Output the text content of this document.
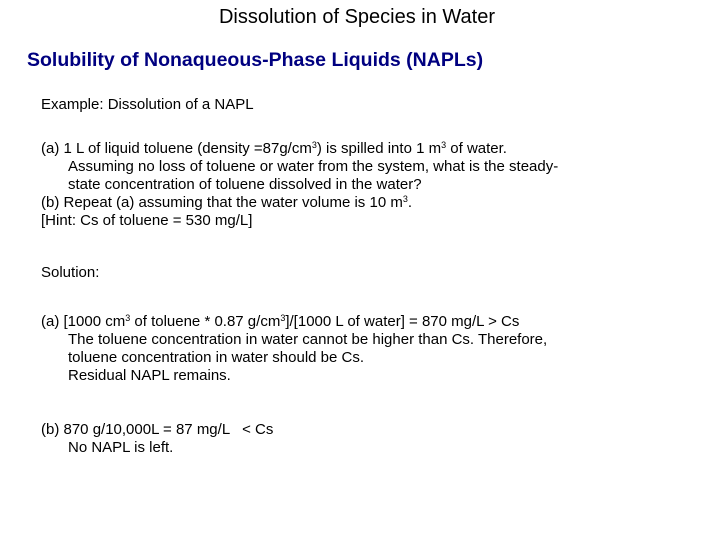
Dissolution of Species in Water
Solubility of Nonaqueous-Phase Liquids (NAPLs)
Example: Dissolution of a NAPL
(a) 1 L of liquid toluene (density $=87g/cm^3$) is spilled into 1 $m^3$ of water.
Assuming no loss of toluene or water from the system, what is the steady-
state concentration of toluene dissolved in the water?
(b) Repeat (a) assuming that the water volume is 10 $m^3$.
[Hint: Cs of toluene = 530 mg/L]
Solution:
(a) [1000 $cm^3$ of toluene * 0.87 $g/cm^3]/[1000$ L of water] = 870 mg/L > Cs
The toluene concentration in water cannot be higher than Cs. Therefore,
toluene concentration in water should be Cs.
Residual NAPL remains.
(b) 870 g/10,000L = 87 mg/L   < Cs
No NAPL is left.
